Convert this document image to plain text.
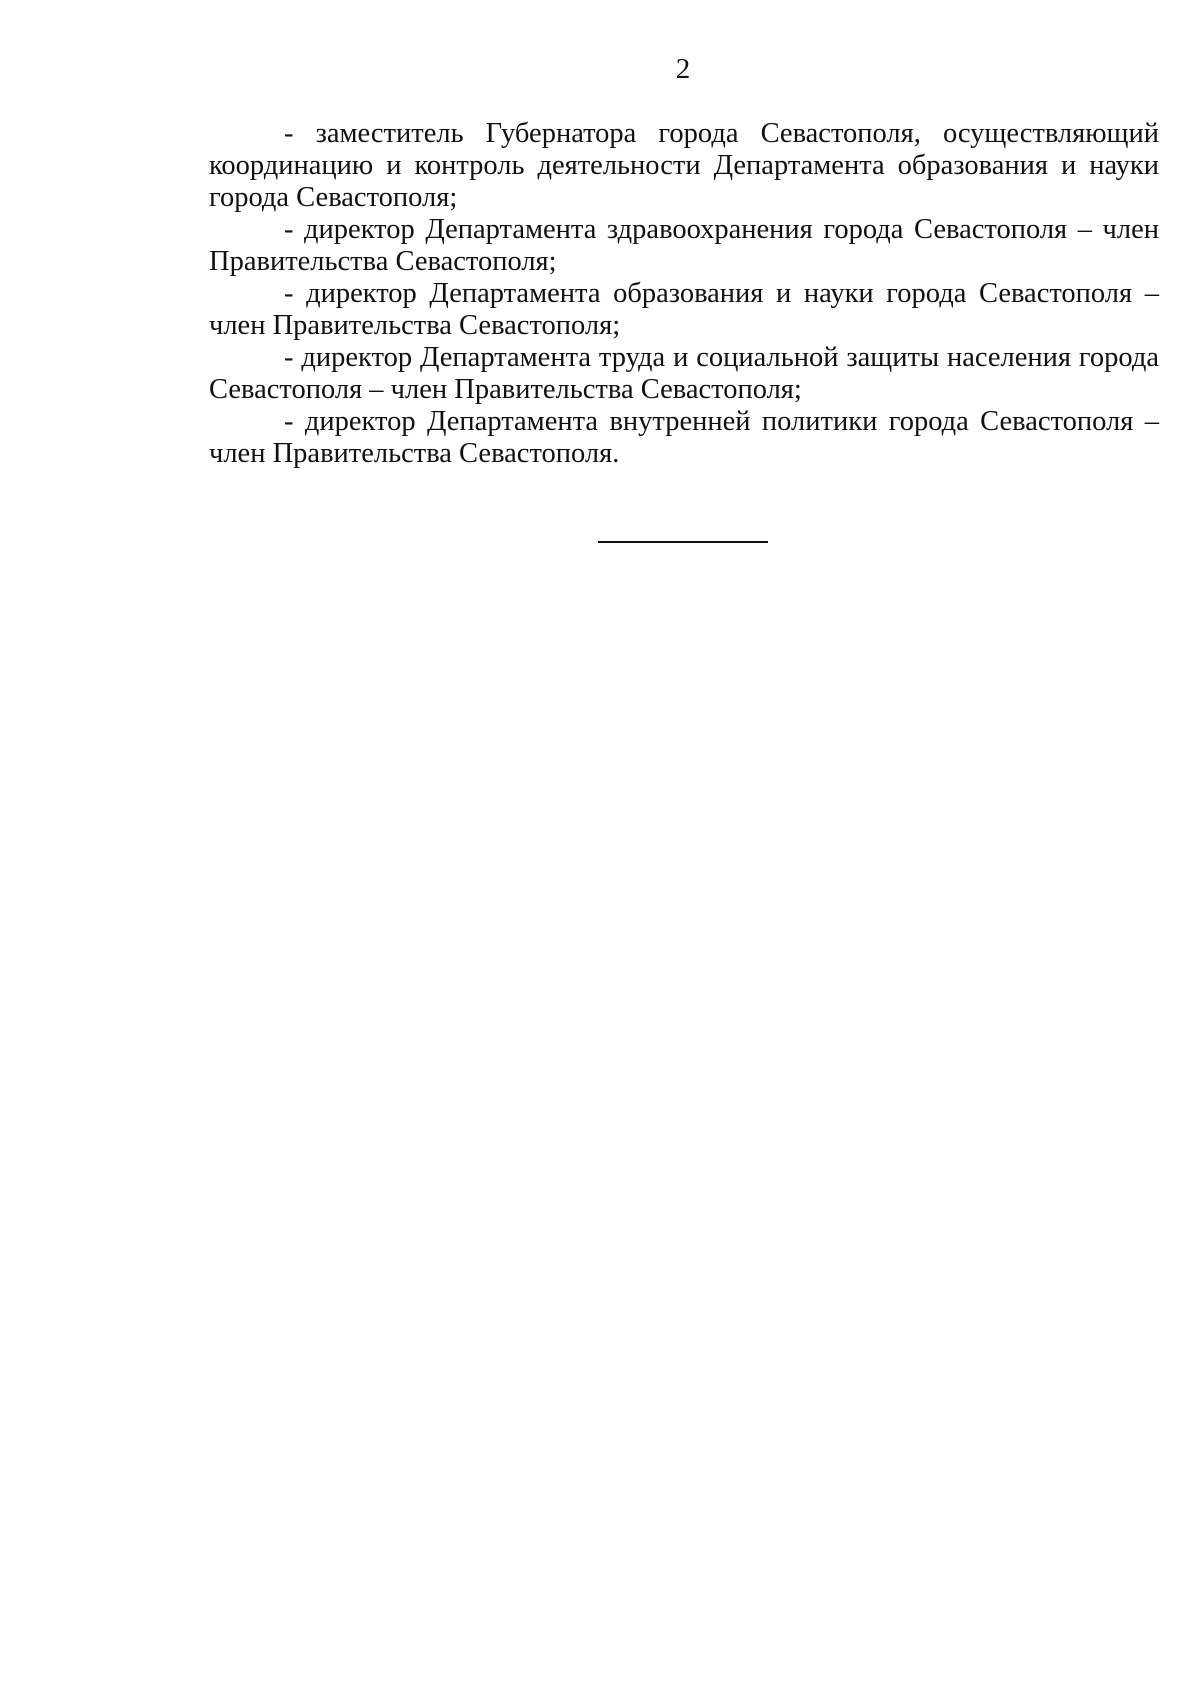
2

- заместитель Губернатора города Севастополя, осуществляющий координацию и контроль деятельности Департамента образования и науки города Севастополя;

- директор Департамента здравоохранения города Севастополя – член Правительства Севастополя;

- директор Департамента образования и науки города Севастополя – член Правительства Севастополя;

- директор Департамента труда и социальной защиты населения города Севастополя – член Правительства Севастополя;

- директор Департамента внутренней политики города Севастополя – член Правительства Севастополя.
